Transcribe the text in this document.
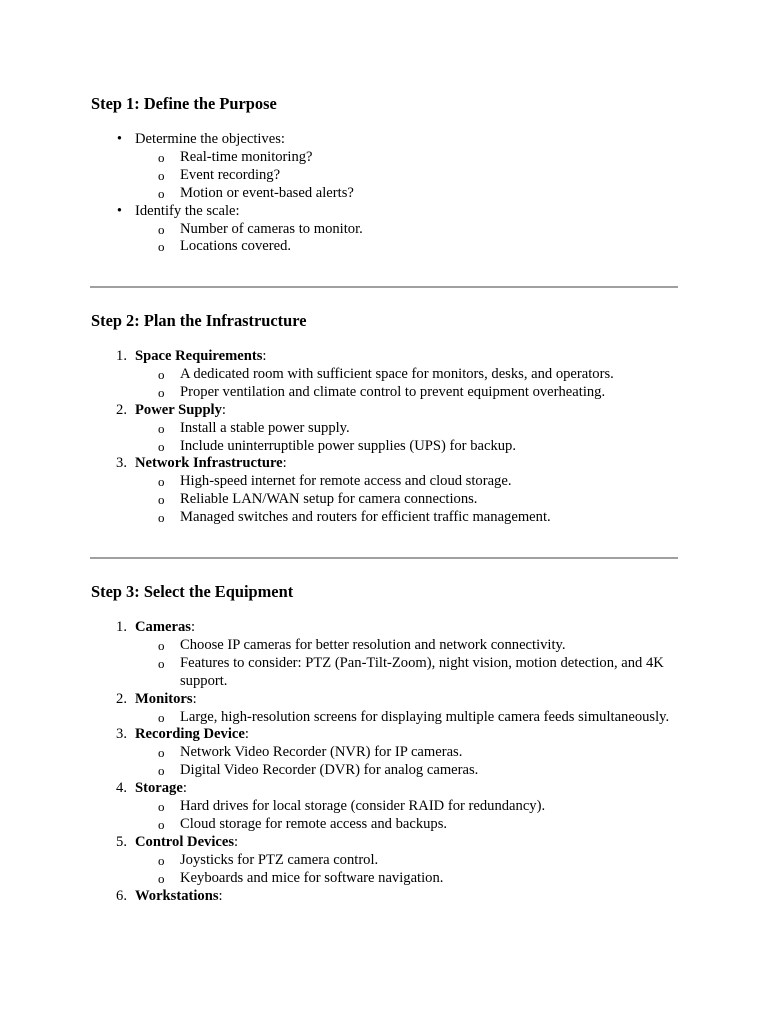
Step 1: Define the Purpose
• Determine the objectives:
o Real-time monitoring?
o Event recording?
o Motion or event-based alerts?
• Identify the scale:
o Number of cameras to monitor.
o Locations covered.
Step 2: Plan the Infrastructure
1. Space Requirements:
o A dedicated room with sufficient space for monitors, desks, and operators.
o Proper ventilation and climate control to prevent equipment overheating.
2. Power Supply:
o Install a stable power supply.
o Include uninterruptible power supplies (UPS) for backup.
3. Network Infrastructure:
o High-speed internet for remote access and cloud storage.
o Reliable LAN/WAN setup for camera connections.
o Managed switches and routers for efficient traffic management.
Step 3: Select the Equipment
1. Cameras:
o Choose IP cameras for better resolution and network connectivity.
o Features to consider: PTZ (Pan-Tilt-Zoom), night vision, motion detection, and 4K support.
2. Monitors:
o Large, high-resolution screens for displaying multiple camera feeds simultaneously.
3. Recording Device:
o Network Video Recorder (NVR) for IP cameras.
o Digital Video Recorder (DVR) for analog cameras.
4. Storage:
o Hard drives for local storage (consider RAID for redundancy).
o Cloud storage for remote access and backups.
5. Control Devices:
o Joysticks for PTZ camera control.
o Keyboards and mice for software navigation.
6. Workstations:
